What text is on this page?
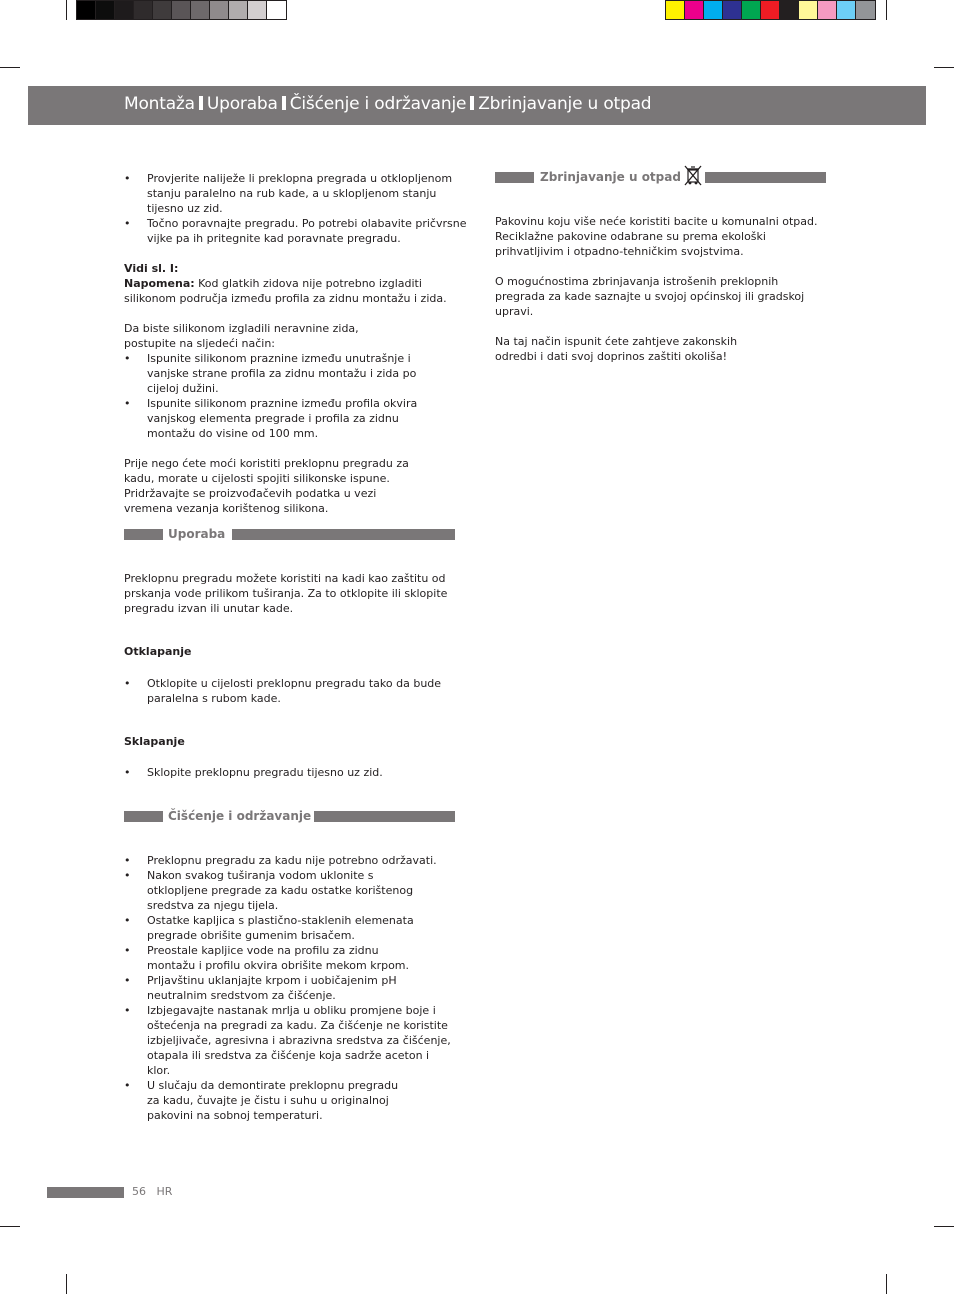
Montaža Uporaba Čišćenje i održavanje Zbrinjavanje u otpad
• Provjerite naliježe li preklopna pregrada u otklopljenom stanju paralelno na rub kade, a u sklopljenom stanju tijesno uz zid.
• Točno poravnajte pregradu. Po potrebi olabavite pričvrsne vijke pa ih pritegnite kad poravnate pregradu.

Vidi sl. I:

Napomena: Kod glatkih zidova nije potrebno izgladiti silikonom područja između profila za zidnu montažu i zida.

Da biste silikonom izgladili neravnine zida, postupite na sljedeći način:

• Ispunite silikonom praznine između unutrašnje i vanjske strane profila za zidnu montažu i zida po cijeloj dužini.
• Ispunite silikonom praznine između profila okvira vanjskog elementa pregrade i profila za zidnu montažu do visine od 100 mm.

Prije nego ćete moći koristiti preklopnu pregradu za kadu, morate u cijelosti spojiti silikonske ispune.

Pridržavajte se proizvođačevih podatka u vezi vremena vezanja korištenog silikona.

Uporaba

Preklopnu pregradu možete koristiti na kadi kao zaštitu od prskanja vode prilikom tuširanja. Za to otklopite ili sklopite pregradu izvan ili unutar kade.

Otklapanje
• Otklopite u cijelosti preklopnu pregradu tako da bude paralelna s rubom kade.
Sklapanje
• Sklopite preklopnu pregradu tijesno uz zid.
Čišćenje i održavanje
• Preklopnu pregradu za kadu nije potrebno održavati.
• Nakon svakog tuširanja vodom uklonite s otklopljene pregrade za kadu ostatke korištenog sredstva za njegu tijela.
• Ostatke kapljica s plastično-staklenih elemenata pregrade obrišite gumenim brisačem.
• Preostale kapljice vode na profilu za zidnu montažu i profilu okvira obrišite mekom krpom.
• Prljavštinu uklanjajte krpom i uobičajenim pH neutralnim sredstvom za čišćenje.
• Izbjegavajte nastanak mrlja u obliku promjene boje i oštećenja na pregradi za kadu. Za čišćenje ne koristite izbjeljivače, agresivna i abrazivna sredstva za čišćenje, otapala ili sredstva za čišćenje koja sadrže aceton i klor.
• U slučaju da demontirate preklopnu pregradu za kadu, čuvajte je čistu i suhu u originalnoj pakovini na sobnoj temperaturi.
Zbrinjavanje u otpad

Pakovinu koju više neće koristiti bacite u komunalni otpad. Reciklažne pakovine odabrane su prema ekološki prihvatljivim i otpadno-tehničkim svojstvima.

O mogućnostima zbrinjavanja istrošenih preklopnih pregrada za kade saznajte u svojoj općinskoj ili gradskoj upravi.

Na taj način ispunit ćete zahtjeve zakonskih odredbi i dati svoj doprinos zaštiti okoliša!

56 HR
